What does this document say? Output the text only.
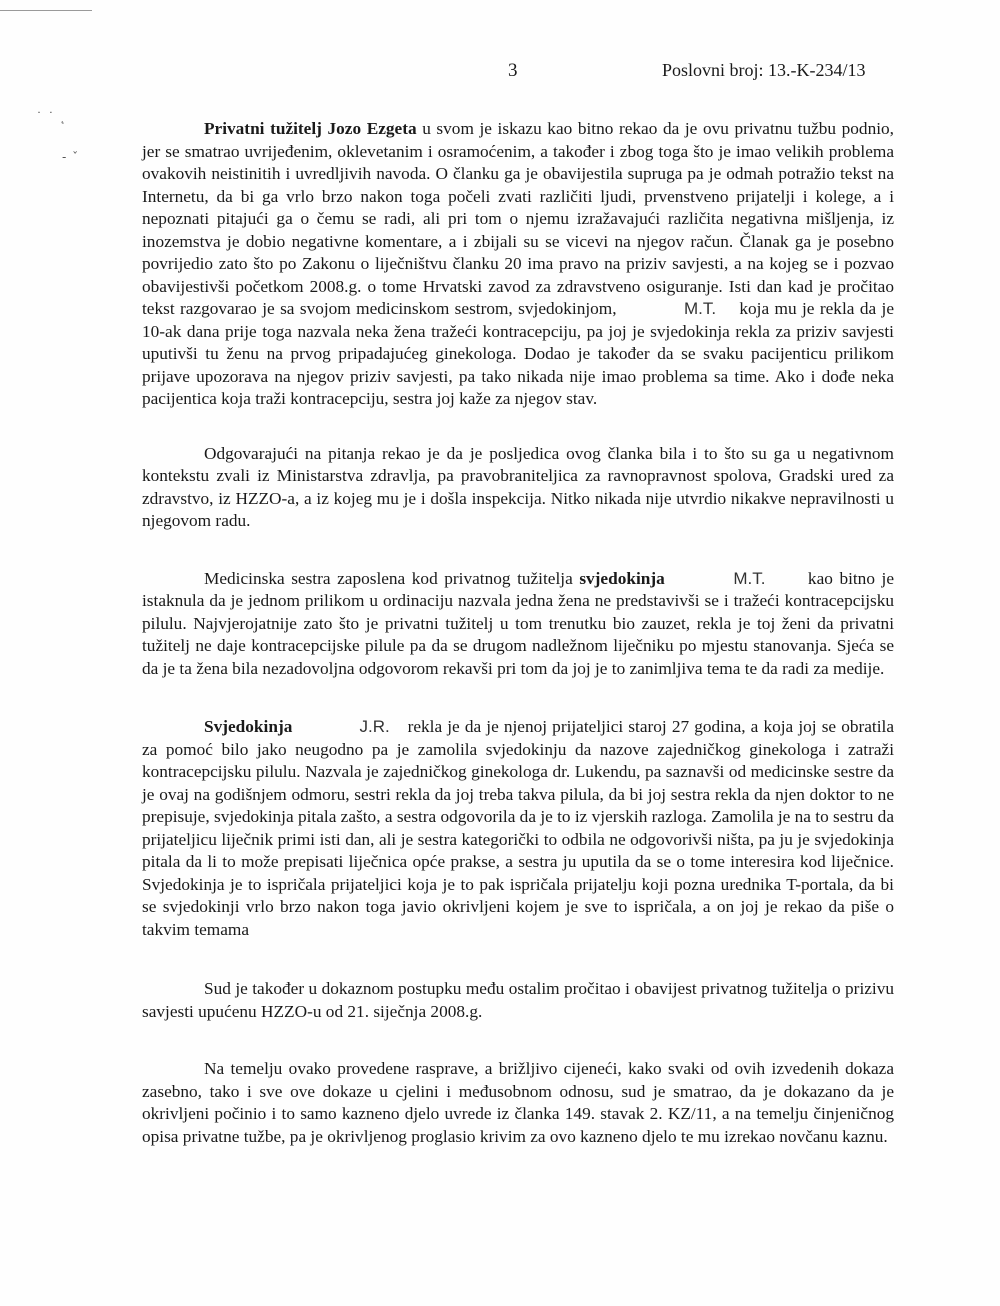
˙ ˙ ˛
- ˇ
3	Poslovni broj: 13.-K-234/13

Privatni tužitelj Jozo Ezgeta u svom je iskazu kao bitno rekao da je ovu privatnu tužbu podnio, jer se smatrao uvrijeđenim, oklevetanim i osramoćenim, a također i zbog toga što je imao velikih problema ovakovih neistinitih i uvredljivih navoda. O članku ga je obavijestila supruga pa je odmah potražio tekst na Internetu, da bi ga vrlo brzo nakon toga počeli zvati različiti ljudi, prvenstveno prijatelji i kolege, a i nepoznati pitajući ga o čemu se radi, ali pri tom o njemu izražavajući različita negativna mišljenja, iz inozemstva je dobio negativne komentare, a i zbijali su se vicevi na njegov račun. Članak ga je posebno povrijedio zato što po Zakonu o liječništvu članku 20 ima pravo na priziv savjesti, a na kojeg se i pozvao obavijestivši početkom 2008.g. o tome Hrvatski zavod za zdravstveno osiguranje. Isti dan kad je pročitao tekst razgovarao je sa svojom medicinskom sestrom, svjedokinjom,	M.T. koja mu je rekla da je 10-ak dana prije toga nazvala neka žena tražeći kontracepciju, pa joj je svjedokinja rekla za priziv savjesti uputivši tu ženu na prvog pripadajućeg ginekologa. Dodao je također da se svaku pacijenticu prilikom prijave upozorava na njegov priziv savjesti, pa tako nikada nije imao problema sa time. Ako i dođe neka pacijentica koja traži kontracepciju, sestra joj kaže za njegov stav.

Odgovarajući na pitanja rekao je da je posljedica ovog članka bila i to što su ga u negativnom kontekstu zvali iz Ministarstva zdravlja, pa pravobraniteljica za ravnopravnost spolova, Gradski ured za zdravstvo, iz HZZO-a, a iz kojeg mu je i došla inspekcija. Nitko nikada nije utvrdio nikakve nepravilnosti u njegovom radu.

Medicinska sestra zaposlena kod privatnog tužitelja svjedokinja	M.T. kao bitno je istaknula da je jednom prilikom u ordinaciju nazvala jedna žena ne predstavivši se i tražeći kontracepcijsku pilulu. Najvjerojatnije zato što je privatni tužitelj u tom trenutku bio zauzet, rekla je toj ženi da privatni tužitelj ne daje kontracepcijske pilule pa da se drugom nadležnom liječniku po mjestu stanovanja. Sjeća se da je ta žena bila nezadovoljna odgovorom rekavši pri tom da joj je to zanimljiva tema te da radi za medije.

Svjedokinja	J.R. rekla je da je njenoj prijateljici staroj 27 godina, a koja joj se obratila za pomoć bilo jako neugodno pa je zamolila svjedokinju da nazove zajedničkog ginekologa i zatraži kontracepcijsku pilulu. Nazvala je zajedničkog ginekologa dr. Lukendu, pa saznavši od medicinske sestre da je ovaj na godišnjem odmoru, sestri rekla da joj treba takva pilula, da bi joj sestra rekla da njen doktor to ne prepisuje, svjedokinja pitala zašto, a sestra odgovorila da je to iz vjerskih razloga. Zamolila je na to sestru da prijateljicu liječnik primi isti dan, ali je sestra kategorički to odbila ne odgovorivši ništa, pa ju je svjedokinja pitala da li to može prepisati liječnica opće prakse, a sestra ju uputila da se o tome interesira kod liječnice. Svjedokinja je to ispričala prijateljici koja je to pak ispričala prijatelju koji pozna urednika T-portala, da bi se svjedokinji vrlo brzo nakon toga javio okrivljeni kojem je sve to ispričala, a on joj je rekao da piše o takvim temama

Sud je također u dokaznom postupku među ostalim pročitao i obavijest privatnog tužitelja o prizivu savjesti upućenu HZZO-u od 21. siječnja 2008.g.

Na temelju ovako provedene rasprave, a brižljivo cijeneći, kako svaki od ovih izvedenih dokaza zasebno, tako i sve ove dokaze u cjelini i međusobnom odnosu, sud je smatrao, da je dokazano da je okrivljeni počinio i to samo kazneno djelo uvrede iz članka 149. stavak 2. KZ/11, a na temelju činjeničnog opisa privatne tužbe, pa je okrivljenog proglasio krivim za ovo kazneno djelo te mu izrekao novčanu kaznu.
